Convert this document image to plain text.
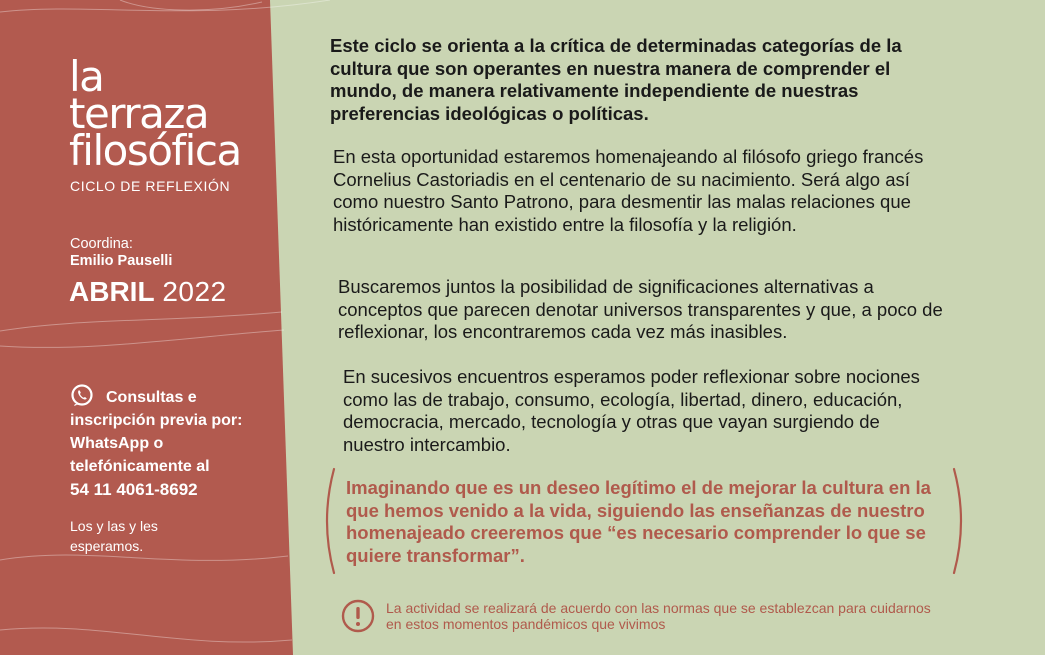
la
terraza
filosófica
CICLO DE REFLEXIÓN
Coordina:
Emilio Pauselli
ABRIL 2022
Consultas e inscripción previa por: WhatsApp o telefónicamente al
54 11 4061-8692
Los y las y les esperamos.
Este ciclo se orienta a la crítica de determinadas categorías de la cultura que son operantes en nuestra manera de comprender el mundo, de manera relativamente independiente de nuestras preferencias ideológicas o políticas.
En esta oportunidad estaremos homenajeando al filósofo griego francés Cornelius Castoriadis en el centenario de su nacimiento. Será algo así como nuestro Santo Patrono, para desmentir las malas relaciones que históricamente han existido entre la filosofía y la religión.
Buscaremos juntos la posibilidad de significaciones alternativas a conceptos que parecen denotar universos transparentes y que, a poco de reflexionar, los encontraremos cada vez más inasibles.
En sucesivos encuentros esperamos poder reflexionar sobre nociones como las de trabajo, consumo, ecología, libertad, dinero, educación, democracia, mercado, tecnología y otras que vayan surgiendo de nuestro intercambio.
Imaginando que es un deseo legítimo el de mejorar la cultura en la que hemos venido a la vida, siguiendo las enseñanzas de nuestro homenajeado creeremos que “es necesario comprender lo que se quiere transformar”.
La actividad se realizará de acuerdo con las normas que se establezcan para cuidarnos en estos momentos pandémicos que vivimos
